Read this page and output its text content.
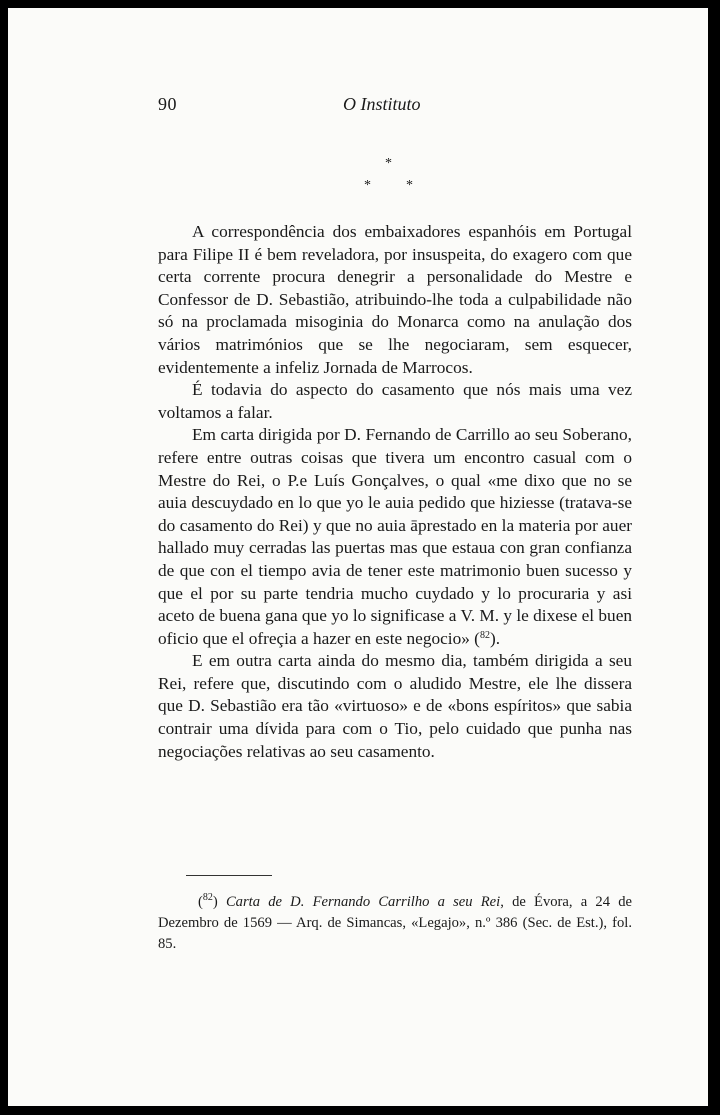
90	O Instituto
*
*	*

A correspondência dos embaixadores espanhóis em Portugal para Filipe II é bem reveladora, por insuspeita, do exagero com que certa corrente procura denegrir a personalidade do Mestre e Confessor de D. Sebastião, atribuindo-lhe toda a culpabilidade não só na proclamada misoginia do Monarca como na anulação dos vários matrimónios que se lhe negociaram, sem esquecer, evidentemente a infeliz Jornada de Marrocos.

É todavia do aspecto do casamento que nós mais uma vez voltamos a falar.

Em carta dirigida por D. Fernando de Carrillo ao seu Soberano, refere entre outras coisas que tivera um encontro casual com o Mestre do Rei, o P.e Luís Gonçalves, o qual «me dixo que no se auia descuydado en lo que yo le auia pedido que hiziesse (tratava-se do casamento do Rei) y que no auia āprestado en la materia por auer hallado muy cerradas las puertas mas que estaua con gran confianza de que con el tiempo avia de tener este matrimonio buen sucesso y que el por su parte tendria mucho cuydado y lo procuraria y asi aceto de buena gana que yo lo significase a V. M. y le dixese el buen oficio que el ofreçia a hazer en este negocio» ($^{82}$).

E em outra carta ainda do mesmo dia, também dirigida a seu Rei, refere que, discutindo com o aludido Mestre, ele lhe dissera que D. Sebastião era tão «virtuoso» e de «bons espíritos» que sabia contrair uma dívida para com o Tio, pelo cuidado que punha nas negociações relativas ao seu casamento.

($^{82}$) Carta de D. Fernando Carrilho a seu Rei, de Évora, a 24 de Dezembro de 1569 — Arq. de Simancas, «Legajo», n.º 386 (Sec. de Est.), fol. 85.
